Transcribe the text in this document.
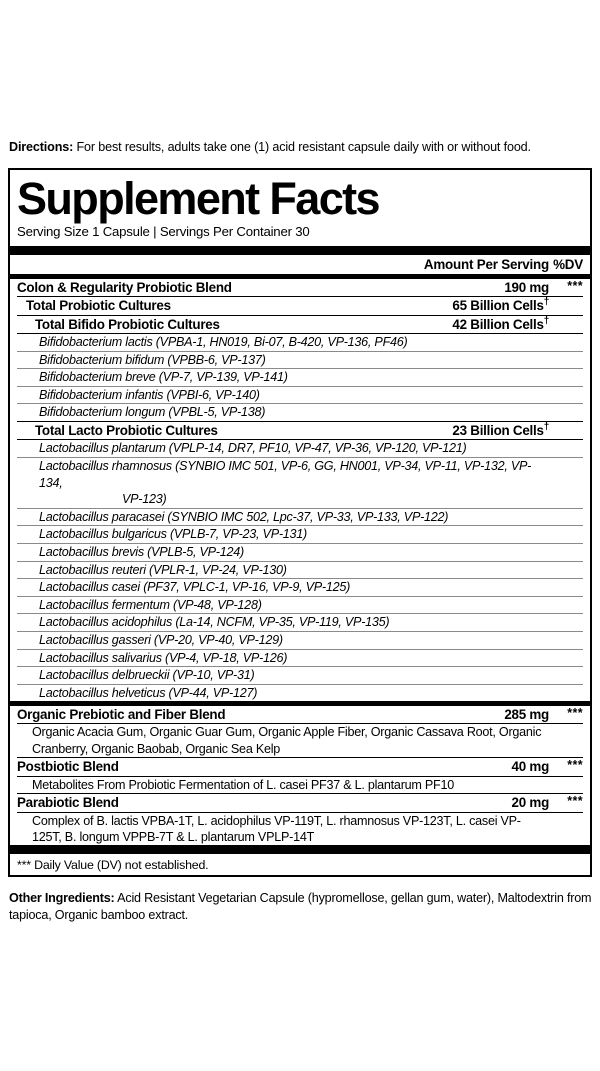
Directions: For best results, adults take one (1) acid resistant capsule daily with or without food.
Supplement Facts
Serving Size 1 Capsule | Servings Per Container 30
Amount Per Serving %DV
Colon & Regularity Probiotic Blend	190 mg	***
Total Probiotic Cultures	65 Billion Cells†
Total Bifido Probiotic Cultures	42 Billion Cells†
Bifidobacterium lactis (VPBA-1, HN019, Bi-07, B-420, VP-136, PF46)
Bifidobacterium bifidum (VPBB-6, VP-137)
Bifidobacterium breve (VP-7, VP-139, VP-141)
Bifidobacterium infantis (VPBI-6, VP-140)
Bifidobacterium longum (VPBL-5, VP-138)
Total Lacto Probiotic Cultures	23 Billion Cells†
Lactobacillus plantarum (VPLP-14, DR7, PF10, VP-47, VP-36, VP-120, VP-121)
Lactobacillus rhamnosus (SYNBIO IMC 501, VP-6, GG, HN001, VP-34, VP-11, VP-132, VP-134,
VP-123)
Lactobacillus paracasei (SYNBIO IMC 502, Lpc-37, VP-33, VP-133, VP-122)
Lactobacillus bulgaricus (VPLB-7, VP-23, VP-131)
Lactobacillus brevis (VPLB-5, VP-124)
Lactobacillus reuteri (VPLR-1, VP-24, VP-130)
Lactobacillus casei (PF37, VPLC-1, VP-16, VP-9, VP-125)
Lactobacillus fermentum (VP-48, VP-128)
Lactobacillus acidophilus (La-14, NCFM, VP-35, VP-119, VP-135)
Lactobacillus gasseri (VP-20, VP-40, VP-129)
Lactobacillus salivarius (VP-4, VP-18, VP-126)
Lactobacillus delbrueckii (VP-10, VP-31)
Lactobacillus helveticus (VP-44, VP-127)
Organic Prebiotic and Fiber Blend	285 mg	***
Organic Acacia Gum, Organic Guar Gum, Organic Apple Fiber, Organic Cassava Root, Organic Cranberry, Organic Baobab, Organic Sea Kelp
Postbiotic Blend	40 mg	***
Metabolites From Probiotic Fermentation of L. casei PF37 & L. plantarum PF10
Parabiotic Blend	20 mg	***
Complex of B. lactis VPBA-1T, L. acidophilus VP-119T, L. rhamnosus VP-123T, L. casei VP-125T, B. longum VPPB-7T & L. plantarum VPLP-14T
*** Daily Value (DV) not established.
Other Ingredients: Acid Resistant Vegetarian Capsule (hypromellose, gellan gum, water), Maltodextrin from tapioca, Organic bamboo extract.
